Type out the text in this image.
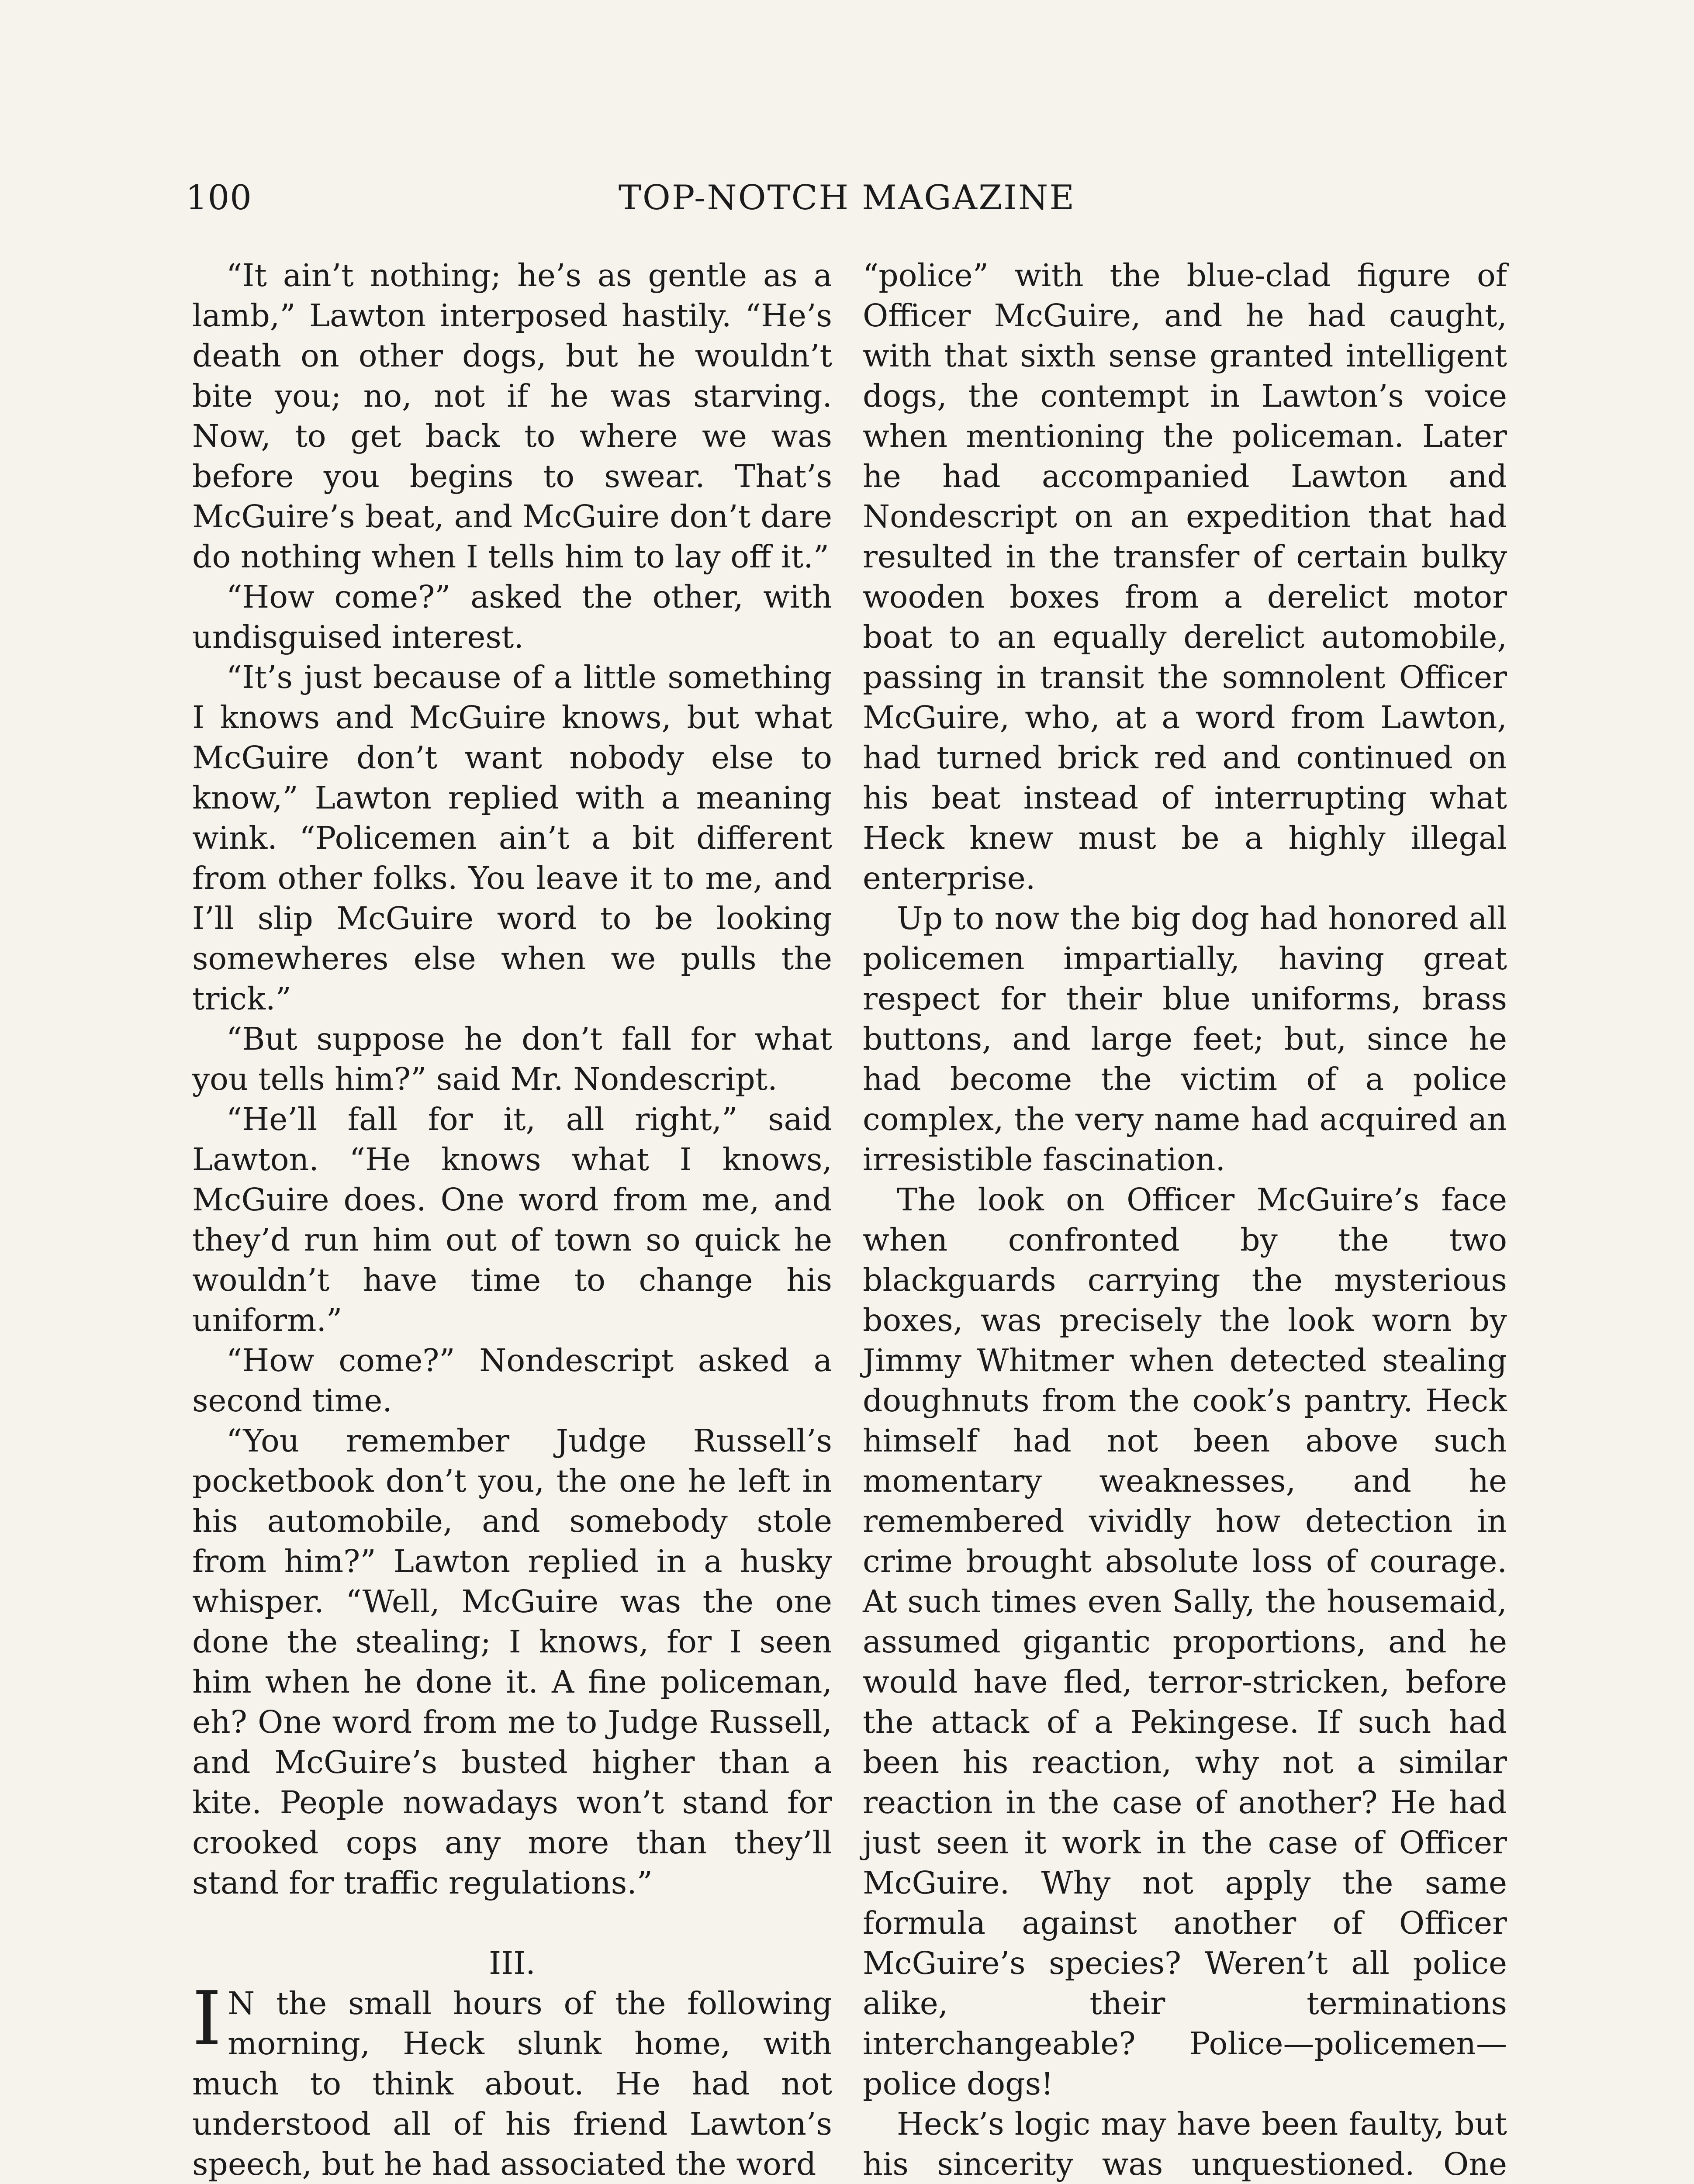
100	TOP-NOTCH MAGAZINE

“It ain’t nothing; he’s as gentle as a lamb,” Lawton interposed hastily. “He’s death on other dogs, but he wouldn’t bite you; no, not if he was starving. Now, to get back to where we was before you begins to swear. That’s McGuire’s beat, and McGuire don’t dare do nothing when I tells him to lay off it.”

“How come?” asked the other, with undisguised interest.

“It’s just because of a little something I knows and McGuire knows, but what McGuire don’t want nobody else to know,” Lawton replied with a meaning wink. “Policemen ain’t a bit different from other folks. You leave it to me, and I’ll slip McGuire word to be looking somewheres else when we pulls the trick.”

“But suppose he don’t fall for what you tells him?” said Mr. Nondescript.

“He’ll fall for it, all right,” said Lawton. “He knows what I knows, McGuire does. One word from me, and they’d run him out of town so quick he wouldn’t have time to change his uniform.”

“How come?” Nondescript asked a second time.

“You remember Judge Russell’s pocketbook don’t you, the one he left in his automobile, and somebody stole from him?” Lawton replied in a husky whisper. “Well, McGuire was the one done the stealing; I knows, for I seen him when he done it. A fine policeman, eh? One word from me to Judge Russell, and McGuire’s busted higher than a kite. People nowadays won’t stand for crooked cops any more than they’ll stand for traffic regulations.”

III.

I N the small hours of the following morning, Heck slunk home, with much to think about. He had not understood all of his friend Lawton’s speech, but he had associated the word

“police” with the blue-clad figure of Officer McGuire, and he had caught, with that sixth sense granted intelligent dogs, the contempt in Lawton’s voice when mentioning the policeman. Later he had accompanied Lawton and Nondescript on an expedition that had resulted in the transfer of certain bulky wooden boxes from a derelict motor boat to an equally derelict automobile, passing in transit the somnolent Officer McGuire, who, at a word from Lawton, had turned brick red and continued on his beat instead of interrupting what Heck knew must be a highly illegal enterprise.

Up to now the big dog had honored all policemen impartially, having great respect for their blue uniforms, brass buttons, and large feet; but, since he had become the victim of a police complex, the very name had acquired an irresistible fascination.

The look on Officer McGuire’s face when confronted by the two blackguards carrying the mysterious boxes, was precisely the look worn by Jimmy Whitmer when detected stealing doughnuts from the cook’s pantry. Heck himself had not been above such momentary weaknesses, and he remembered vividly how detection in crime brought absolute loss of courage. At such times even Sally, the housemaid, assumed gigantic proportions, and he would have fled, terror-stricken, before the attack of a Pekingese. If such had been his reaction, why not a similar reaction in the case of another? He had just seen it work in the case of Officer McGuire. Why not apply the same formula against another of Officer McGuire’s species? Weren’t all police alike, their terminations interchangeable? Police—policemen—police dogs!

Heck’s logic may have been faulty, but his sincerity was unquestioned. One
